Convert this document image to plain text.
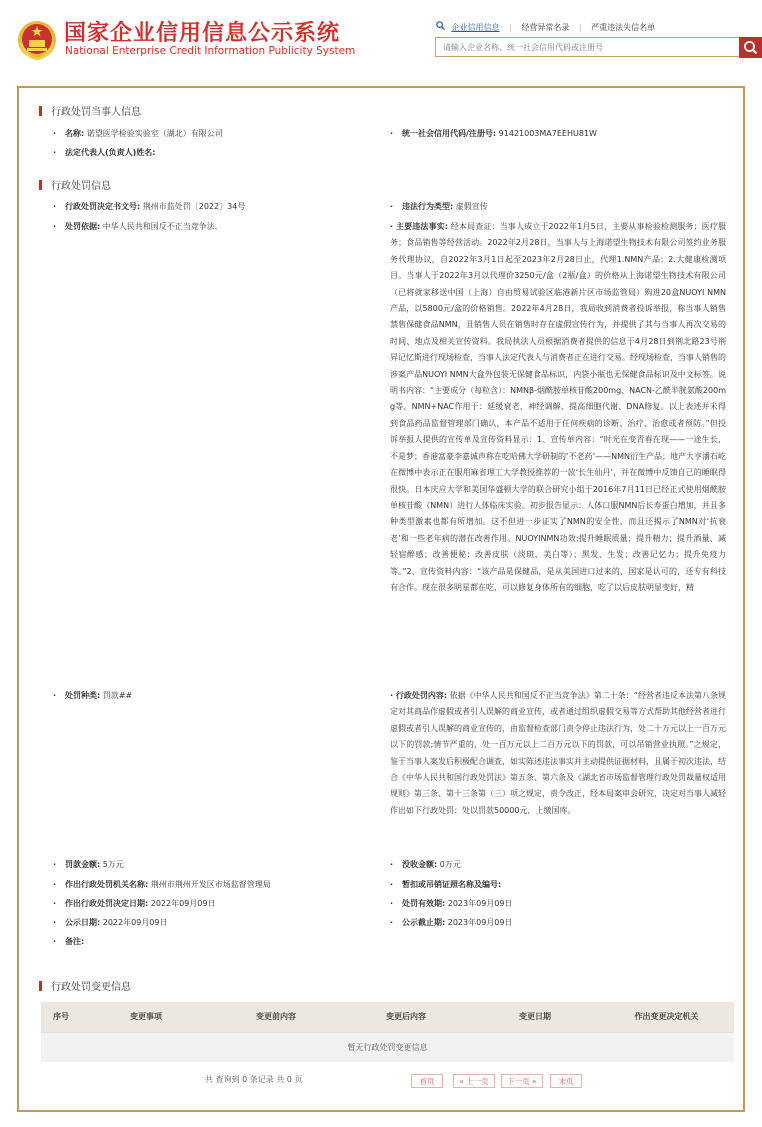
国家企业信用信息公示系统
National Enterprise Credit Information Publicity System
企业信用信息 | 经营异常名录 | 严重违法失信名单
请输入企业名称、统一社会信用代码或注册号
行政处罚当事人信息
· 名称: 诺望医学检验实验室（湖北）有限公司	· 统一社会信用代码/注册号: 91421003MA7EEHU81W
· 法定代表人(负责人)姓名:
行政处罚信息
· 行政处罚决定书文号: 荆州市监处罚〔2022〕34号	· 违法行为类型: 虚假宣传
· 处罚依据: 中华人民共和国反不正当竞争法.	· 主要违法事实: 经本局查证：当事人成立于2022年1月5日，主要从事检验检测服务；医疗服务；食品销售等经营活动。2022年2月28日，当事人与上海诺望生物技术有限公司签约业务服务代理协议，自2022年3月1日起至2023年2月28日止，代理1.NMN产品；2.大健康检测项目。当事人于2022年3月以代理价3250元/盒（2瓶/盒）的价格从上海诺望生物技术有限公司（已将就家移送中国（上海）自由贸易试验区临港新片区市场监管局）购进20盒NUOYI NMN产品，以5800元/盒的价格销售。2022年4月28日，我局收到消费者投诉举报，称当事人销售禁售保健食品NMN，且销售人员在销售时存在虚假宣传行为，并提供了其与当事人再次交易的时间、地点及相关宣传资料。我局执法人员根据消费者提供的信息于4月28日到荆北路23号荆昇记忆斯进行现场检查，当事人法定代表人与消费者正在进行交易。经现场检查，当事人销售的涉案产品NUOYI NMN大盒外包装无保健食品标识，内袋小瓶也无保健食品标识及中文标签。说明书内容：“主要成分（每粒含）：NMNβ-烟酰胺单核苷酸200mg、NACN-乙酰半胱氨酸200mg等，NMN+NAC作用于：延缓衰老、神经调解、提高细胞代谢、DNA修复。以上表述并未得到食品药品监督管理部门确认，本产品不适用于任何疾病的诊断、治疗、治愈或者预防。”但投诉举报人提供的宣传单及宣传资料显示：1、宣传单内容：“时光在变青春在现——一途生长，不是梦；香港富豪李嘉诚声称在吃哈佛大学研制的‘不老药’——NMN衍生产品；地产大亨潘石屹在微博中表示正在服用麻省理工大学教授推荐的一款‘长生仙丹’，并在微博中反馈自己的睡眠得很快。日本庆应大学和美国华盛顿大学的联合研究小组于2016年7月11日已经正式使用烟酰胺单核苷酸（NMN）进行人体临床实验。初步报告显示：人体口服NMN后长寿蛋白增加，并且多种类型激素也都有所增加。这不但进一步证实了NMN的安全性，而且还揭示了NMN对‘抗衰老’和一些老年病的潜在改善作用。NUOYINMN功效:提升睡眠质量；提升精力；提升酒量、减轻宿醉感；改善便秘；改善皮肤（淡斑、美白等）；黑发、生发；改善记忆力；提升免疫力等。”2、宣传资料内容：“该产品是保健品，是从美国进口过来的，国家是认可的，还专有科技有合作。现在很多明星都在吃，可以修复身体所有的细胞，吃了以后皮肤明显变好，精
· 处罚种类: 罚款##	· 行政处罚内容: 依据《中华人民共和国反不正当竞争法》第二十条：“经营者违反本法第八条规定对其商品作虚假或者引人误解的商业宣传，或者通过组织虚假交易等方式帮助其他经营者进行虚假或者引人误解的商业宣传的，由监督检查部门责令停止违法行为，处二十万元以上一百万元以下的罚款;情节严重的，处一百万元以上二百万元以下的罚款，可以吊销营业执照。”之规定，鉴于当事人案发后积极配合调查，如实陈述违法事实并主动提供证据材料，且属于初次违法，结合《中华人民共和国行政处罚法》第五条、第六条及《湖北省市场监督管理行政处罚裁量权适用规则》第三条、第十三条第（三）项之规定，责令改正，经本局案审会研究，决定对当事人减轻作出如下行政处罚：处以罚款50000元，上缴国库。
· 罚款金额: 5万元	· 没收金额: 0万元
· 作出行政处罚机关名称: 荆州市荆州开发区市场监督管理局	· 暂扣或吊销证照名称及编号:
· 作出行政处罚决定日期: 2022年09月09日	· 处罚有效期: 2023年09月09日
· 公示日期: 2022年09月09日	· 公示截止期: 2023年09月09日
· 备注:
行政处罚变更信息
序号	变更事项	变更前内容	变更后内容	变更日期	作出变更决定机关
暂无行政处罚变更信息
共 查询到 0 条记录 共 0 页	首页	« 上一页	下一页 »	末页
